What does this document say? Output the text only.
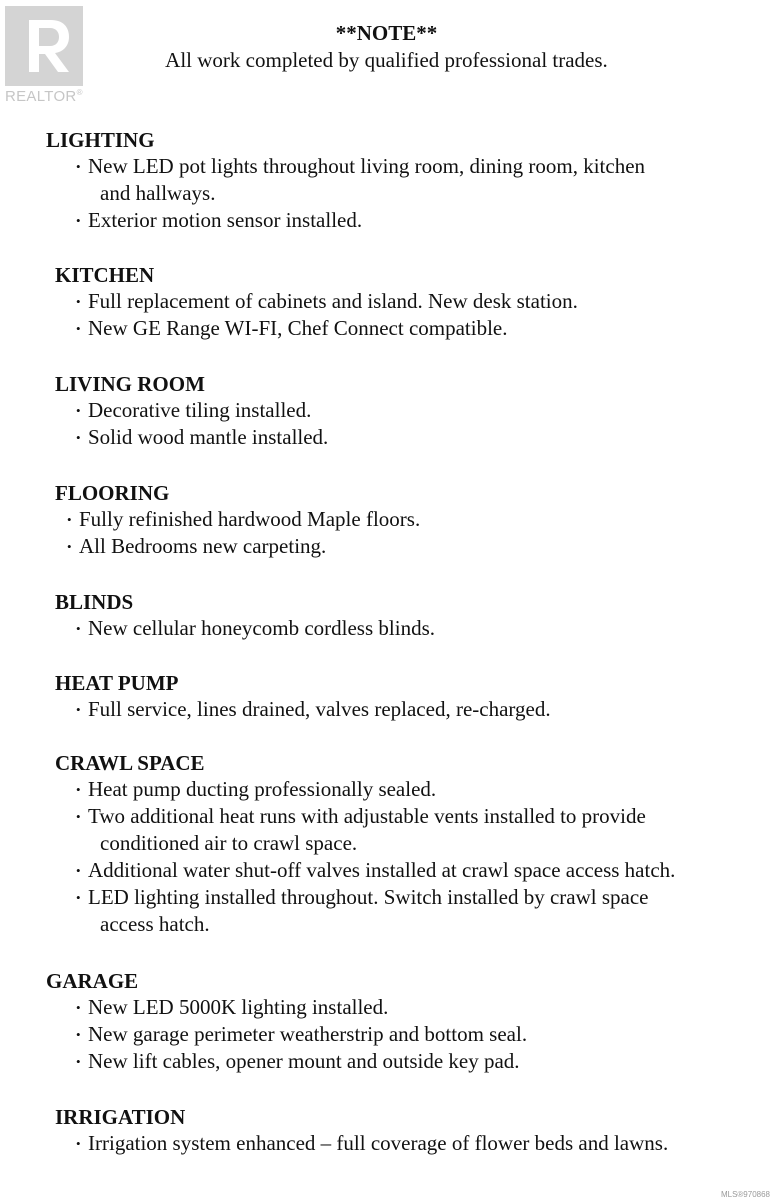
REALTOR®
**NOTE**
All work completed by qualified professional trades.
LIGHTING
• New LED pot lights throughout living room, dining room, kitchen
and hallways.
• Exterior motion sensor installed.
KITCHEN
• Full replacement of cabinets and island. New desk station.
• New GE Range WI-FI, Chef Connect compatible.
LIVING ROOM
• Decorative tiling installed.
• Solid wood mantle installed.
FLOORING
• Fully refinished hardwood Maple floors.
• All Bedrooms new carpeting.
BLINDS
• New cellular honeycomb cordless blinds.
HEAT PUMP
• Full service, lines drained, valves replaced, re-charged.
CRAWL SPACE
• Heat pump ducting professionally sealed.
• Two additional heat runs with adjustable vents installed to provide
conditioned air to crawl space.
• Additional water shut-off valves installed at crawl space access hatch.
• LED lighting installed throughout. Switch installed by crawl space
access hatch.
GARAGE
• New LED 5000K lighting installed.
• New garage perimeter weatherstrip and bottom seal.
• New lift cables, opener mount and outside key pad.
IRRIGATION
• Irrigation system enhanced – full coverage of flower beds and lawns.
MLS®970868
